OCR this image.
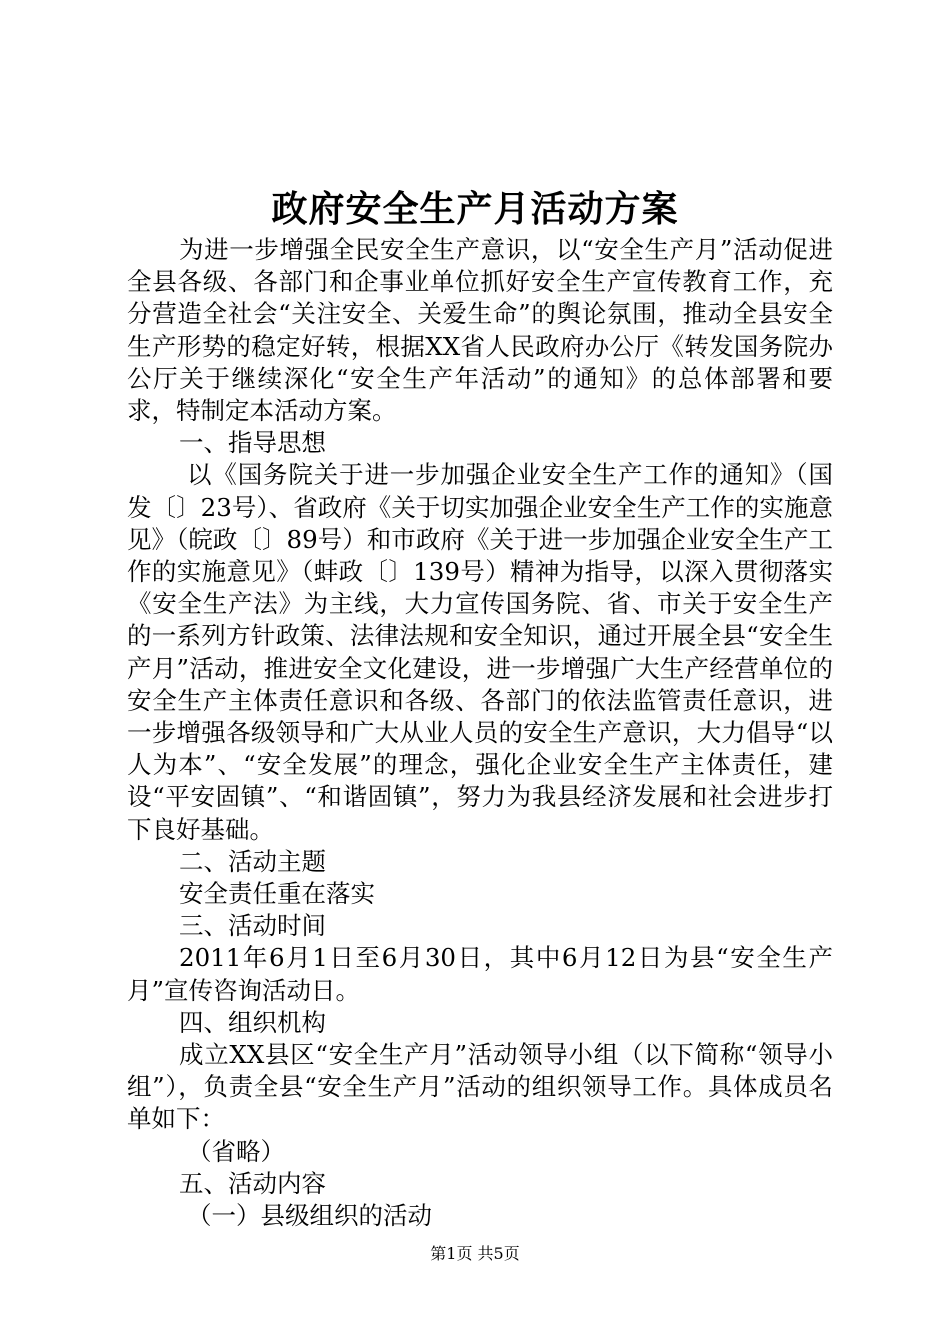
政府安全生产月活动方案

为进一步增强全民安全生产意识，以“安全生产月”活动促进全县各级、各部门和企事业单位抓好安全生产宣传教育工作，充分营造全社会“关注安全、关爱生命”的舆论氛围，推动全县安全生产形势的稳定好转，根据XX省人民政府办公厅《转发国务院办公厅关于继续深化“安全生产年活动”的通知》的总体部署和要求，特制定本活动方案。

一、指导思想

以《国务院关于进一步加强企业安全生产工作的通知》（国发〔〕23号）、省政府《关于切实加强企业安全生产工作的实施意见》（皖政〔〕89号）和市政府《关于进一步加强企业安全生产工作的实施意见》（蚌政〔〕139号）精神为指导，以深入贯彻落实《安全生产法》为主线，大力宣传国务院、省、市关于安全生产的一系列方针政策、法律法规和安全知识，通过开展全县“安全生产月”活动，推进安全文化建设，进一步增强广大生产经营单位的安全生产主体责任意识和各级、各部门的依法监管责任意识，进一步增强各级领导和广大从业人员的安全生产意识，大力倡导“以人为本”、“安全发展”的理念，强化企业安全生产主体责任，建设“平安固镇”、“和谐固镇”，努力为我县经济发展和社会进步打下良好基础。

二、活动主题

安全责任重在落实

三、活动时间

2011年6月1日至6月30日，其中6月12日为县“安全生产月”宣传咨询活动日。

四、组织机构

成立XX县区“安全生产月”活动领导小组（以下简称“领导小组”），负责全县“安全生产月”活动的组织领导工作。具体成员名单如下：

（省略）

五、活动内容

（一）县级组织的活动

第1页 共5页
